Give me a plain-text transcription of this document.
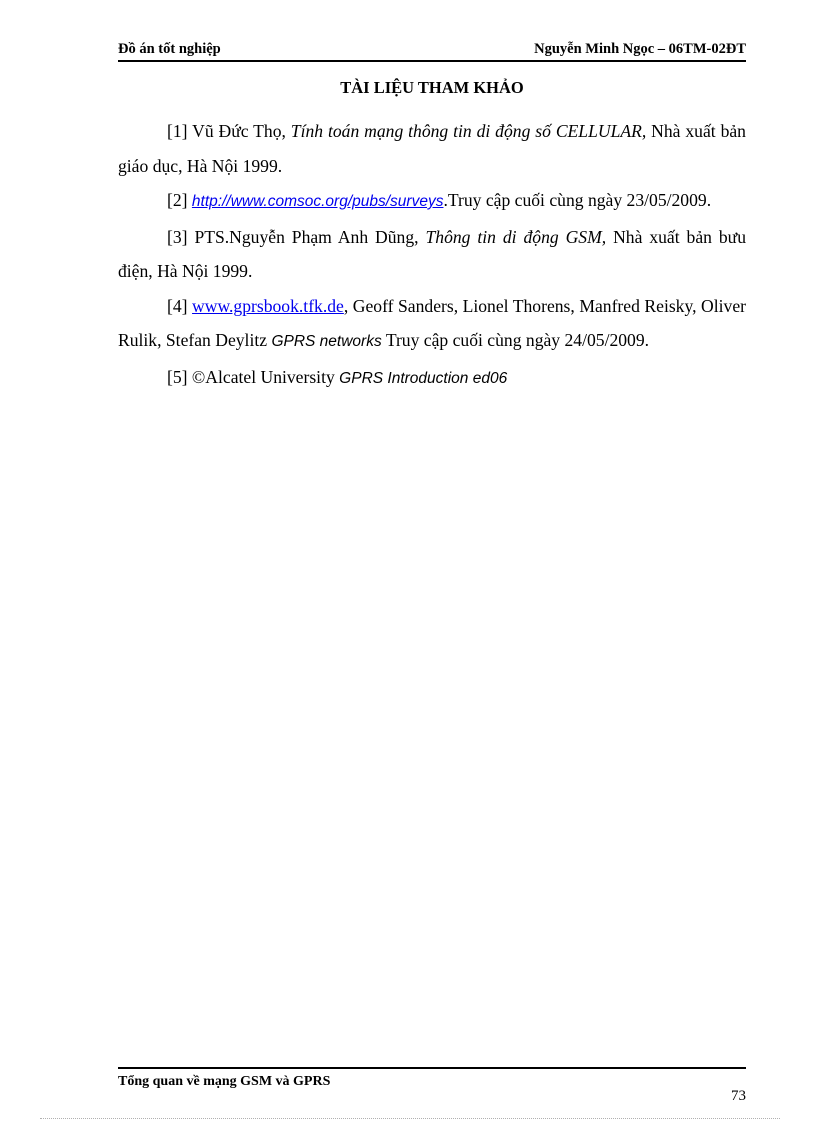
Đồ án tốt nghiệp	Nguyễn Minh Ngọc – 06TM-02ĐT
TÀI LIỆU THAM KHẢO

[1] Vũ Đức Thọ, Tính toán mạng thông tin di động số CELLULAR, Nhà xuất bản giáo dục, Hà Nội 1999.

[2] http://www.comsoc.org/pubs/surveys.Truy cập cuối cùng ngày 23/05/2009.

[3] PTS.Nguyễn Phạm Anh Dũng, Thông tin di động GSM, Nhà xuất bản bưu điện, Hà Nội 1999.

[4] www.gprsbook.tfk.de, Geoff Sanders, Lionel Thorens, Manfred Reisky, Oliver Rulik, Stefan Deylitz GPRS networks Truy cập cuối cùng ngày 24/05/2009.

[5] ©Alcatel University GPRS Introduction ed06

Tổng quan về mạng GSM và GPRS
73
